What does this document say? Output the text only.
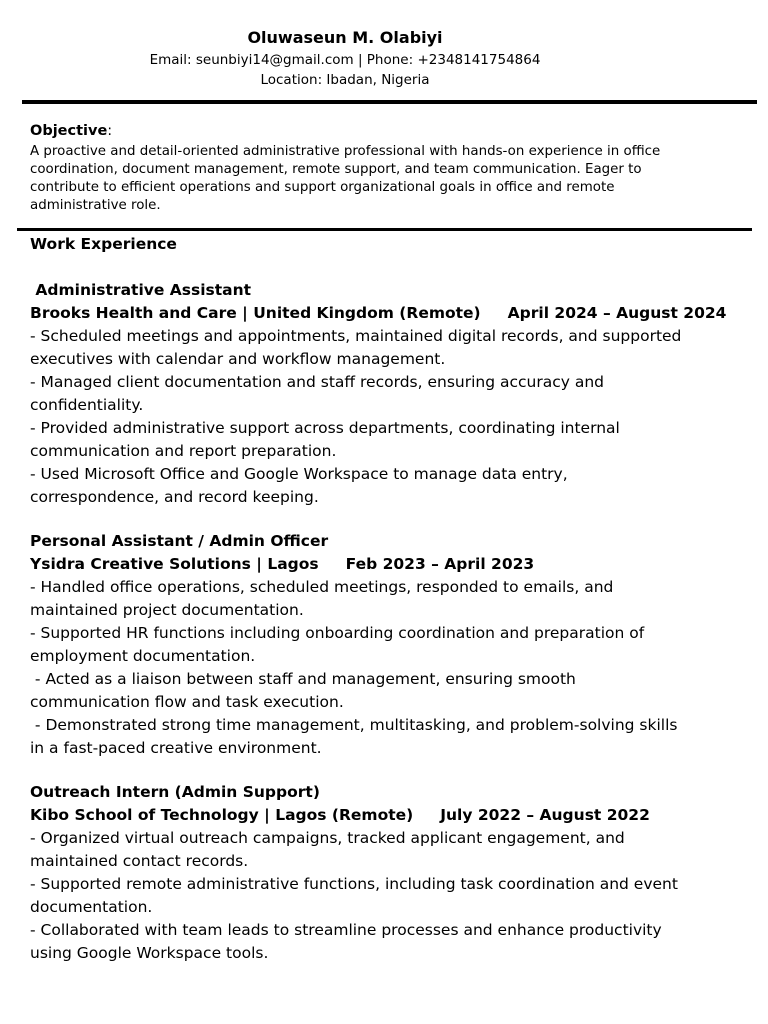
Oluwaseun M. Olabiyi
Email: seunbiyi14@gmail.com | Phone: +2348141754864
Location: Ibadan, Nigeria
Objective:
A proactive and detail-oriented administrative professional with hands-on experience in office
coordination, document management, remote support, and team communication. Eager to
contribute to efficient operations and support organizational goals in office and remote
administrative role.
Work Experience
Administrative Assistant
Brooks Health and Care | United Kingdom (Remote) April 2024 – August 2024
- Scheduled meetings and appointments, maintained digital records, and supported
executives with calendar and workflow management.
- Managed client documentation and staff records, ensuring accuracy and
confidentiality.
- Provided administrative support across departments, coordinating internal
communication and report preparation.
- Used Microsoft Office and Google Workspace to manage data entry,
correspondence, and record keeping.
Personal Assistant / Admin Officer
Ysidra Creative Solutions | Lagos Feb 2023 – April 2023
- Handled office operations, scheduled meetings, responded to emails, and
maintained project documentation.
- Supported HR functions including onboarding coordination and preparation of
employment documentation.
- Acted as a liaison between staff and management, ensuring smooth
communication flow and task execution.
- Demonstrated strong time management, multitasking, and problem-solving skills
in a fast-paced creative environment.
Outreach Intern (Admin Support)
Kibo School of Technology | Lagos (Remote) July 2022 – August 2022
- Organized virtual outreach campaigns, tracked applicant engagement, and
maintained contact records.
- Supported remote administrative functions, including task coordination and event
documentation.
- Collaborated with team leads to streamline processes and enhance productivity
using Google Workspace tools.
